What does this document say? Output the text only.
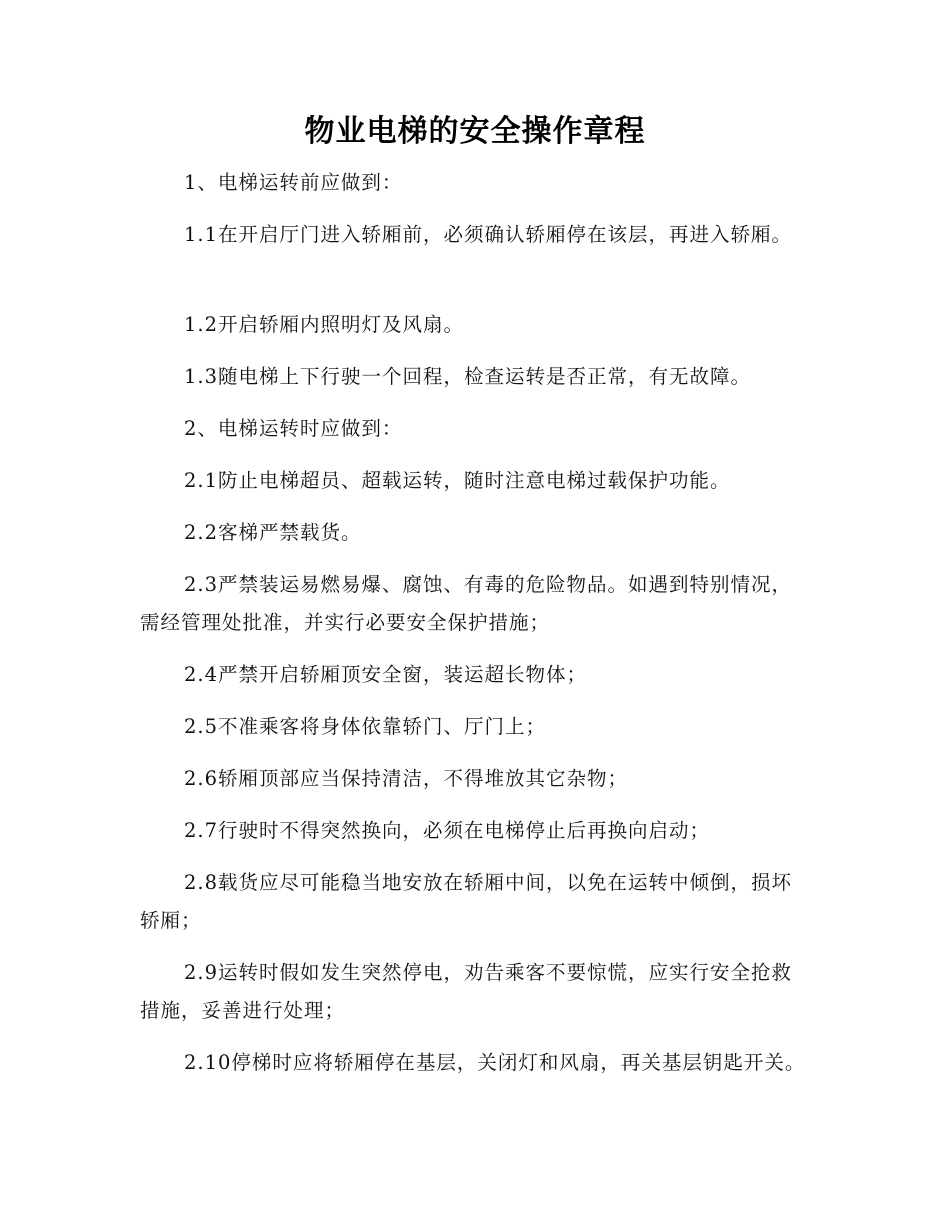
物业电梯的安全操作章程

1、电梯运转前应做到：

1.1在开启厅门进入轿厢前，必须确认轿厢停在该层，再进入轿厢。

1.2开启轿厢内照明灯及风扇。

1.3随电梯上下行驶一个回程，检查运转是否正常，有无故障。

2、电梯运转时应做到：

2.1防止电梯超员、超载运转，随时注意电梯过载保护功能。

2.2客梯严禁载货。

2.3严禁装运易燃易爆、腐蚀、有毒的危险物品。如遇到特别情况，需经管理处批准，并实行必要安全保护措施；

2.4严禁开启轿厢顶安全窗，装运超长物体；

2.5不准乘客将身体依靠轿门、厅门上；

2.6轿厢顶部应当保持清洁，不得堆放其它杂物；

2.7行驶时不得突然换向，必须在电梯停止后再换向启动；

2.8载货应尽可能稳当地安放在轿厢中间，以免在运转中倾倒，损坏轿厢；

2.9运转时假如发生突然停电，劝告乘客不要惊慌，应实行安全抢救措施，妥善进行处理；

2.10停梯时应将轿厢停在基层，关闭灯和风扇，再关基层钥匙开关。
